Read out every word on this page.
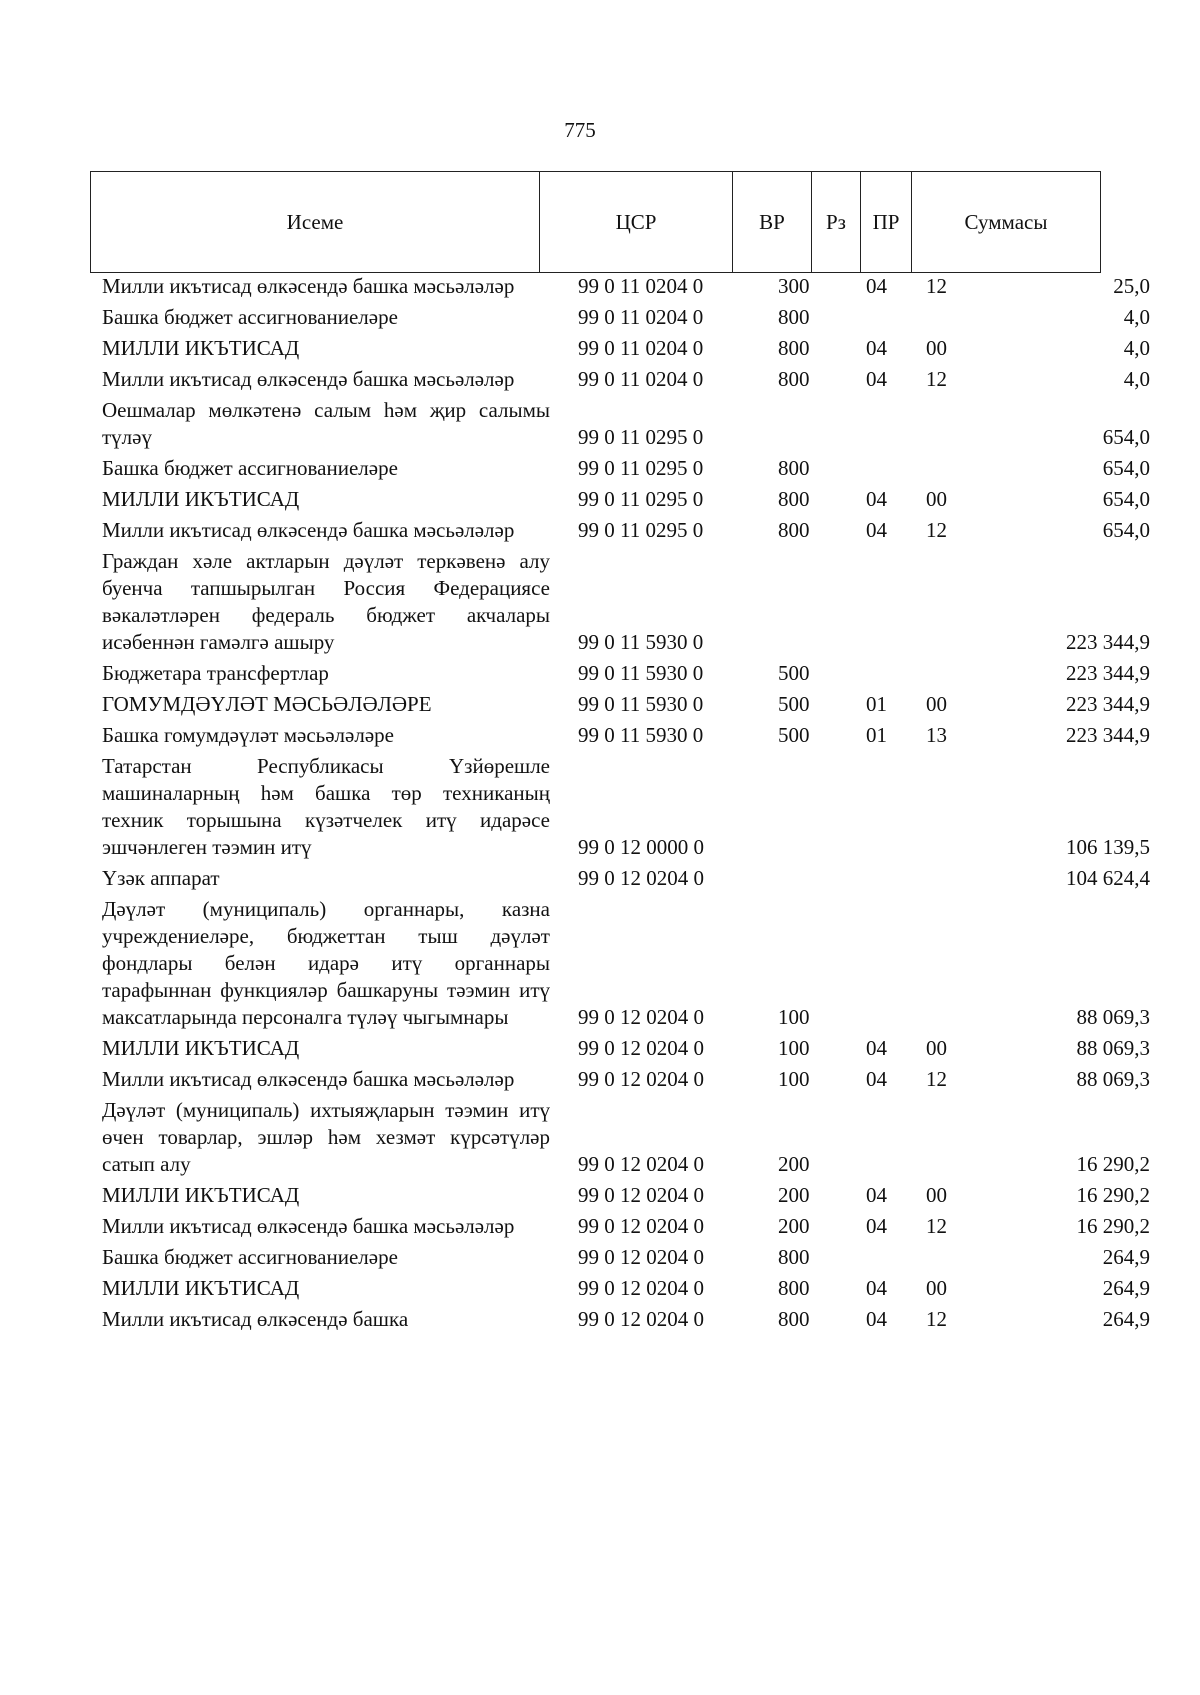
775
Исеме	ЦСР	ВР	Рз	ПР	Суммасы
Милли икътисад өлкәсендә башка мәсьәләләр	99 0 11 0204 0	300	04	12	25,0
Башка бюджет ассигнованиеләре	99 0 11 0204 0	800			4,0
МИЛЛИ ИКЪТИСАД	99 0 11 0204 0	800	04	00	4,0
Милли икътисад өлкәсендә башка мәсьәләләр	99 0 11 0204 0	800	04	12	4,0
Оешмалар мөлкәтенә салым һәм җир салымы түләү	99 0 11 0295 0				654,0
Башка бюджет ассигнованиеләре	99 0 11 0295 0	800			654,0
МИЛЛИ ИКЪТИСАД	99 0 11 0295 0	800	04	00	654,0
Милли икътисад өлкәсендә башка мәсьәләләр	99 0 11 0295 0	800	04	12	654,0
Граждан хәле актларын дәүләт теркәвенә алу буенча тапшырылган Россия Федерациясе вәкаләтләрен федераль бюджет акчалары исәбеннән гамәлгә ашыру	99 0 11 5930 0				223 344,9
Бюджетара трансфертлар	99 0 11 5930 0	500			223 344,9
ГОМУМДӘҮЛӘТ МӘСЬӘЛӘЛӘРЕ	99 0 11 5930 0	500	01	00	223 344,9
Башка гомумдәүләт мәсьәләләре	99 0 11 5930 0	500	01	13	223 344,9
Татарстан Республикасы Үзйөрешле машиналарның һәм башка төр техниканың техник торышына күзәтчелек итү идарәсе эшчәнлеген тәэмин итү	99 0 12 0000 0				106 139,5
Үзәк аппарат	99 0 12 0204 0				104 624,4
Дәүләт (муниципаль) органнары, казна учреждениеләре, бюджеттан тыш дәүләт фондлары белән идарә итү органнары тарафыннан функцияләр башкаруны тәэмин итү максатларында персоналга түләү чыгымнары	99 0 12 0204 0	100			88 069,3
МИЛЛИ ИКЪТИСАД	99 0 12 0204 0	100	04	00	88 069,3
Милли икътисад өлкәсендә башка мәсьәләләр	99 0 12 0204 0	100	04	12	88 069,3
Дәүләт (муниципаль) ихтыяҗларын тәэмин итү өчен товарлар, эшләр һәм хезмәт күрсәтүләр сатып алу	99 0 12 0204 0	200			16 290,2
МИЛЛИ ИКЪТИСАД	99 0 12 0204 0	200	04	00	16 290,2
Милли икътисад өлкәсендә башка мәсьәләләр	99 0 12 0204 0	200	04	12	16 290,2
Башка бюджет ассигнованиеләре	99 0 12 0204 0	800			264,9
МИЛЛИ ИКЪТИСАД	99 0 12 0204 0	800	04	00	264,9
Милли икътисад өлкәсендә башка	99 0 12 0204 0	800	04	12	264,9
